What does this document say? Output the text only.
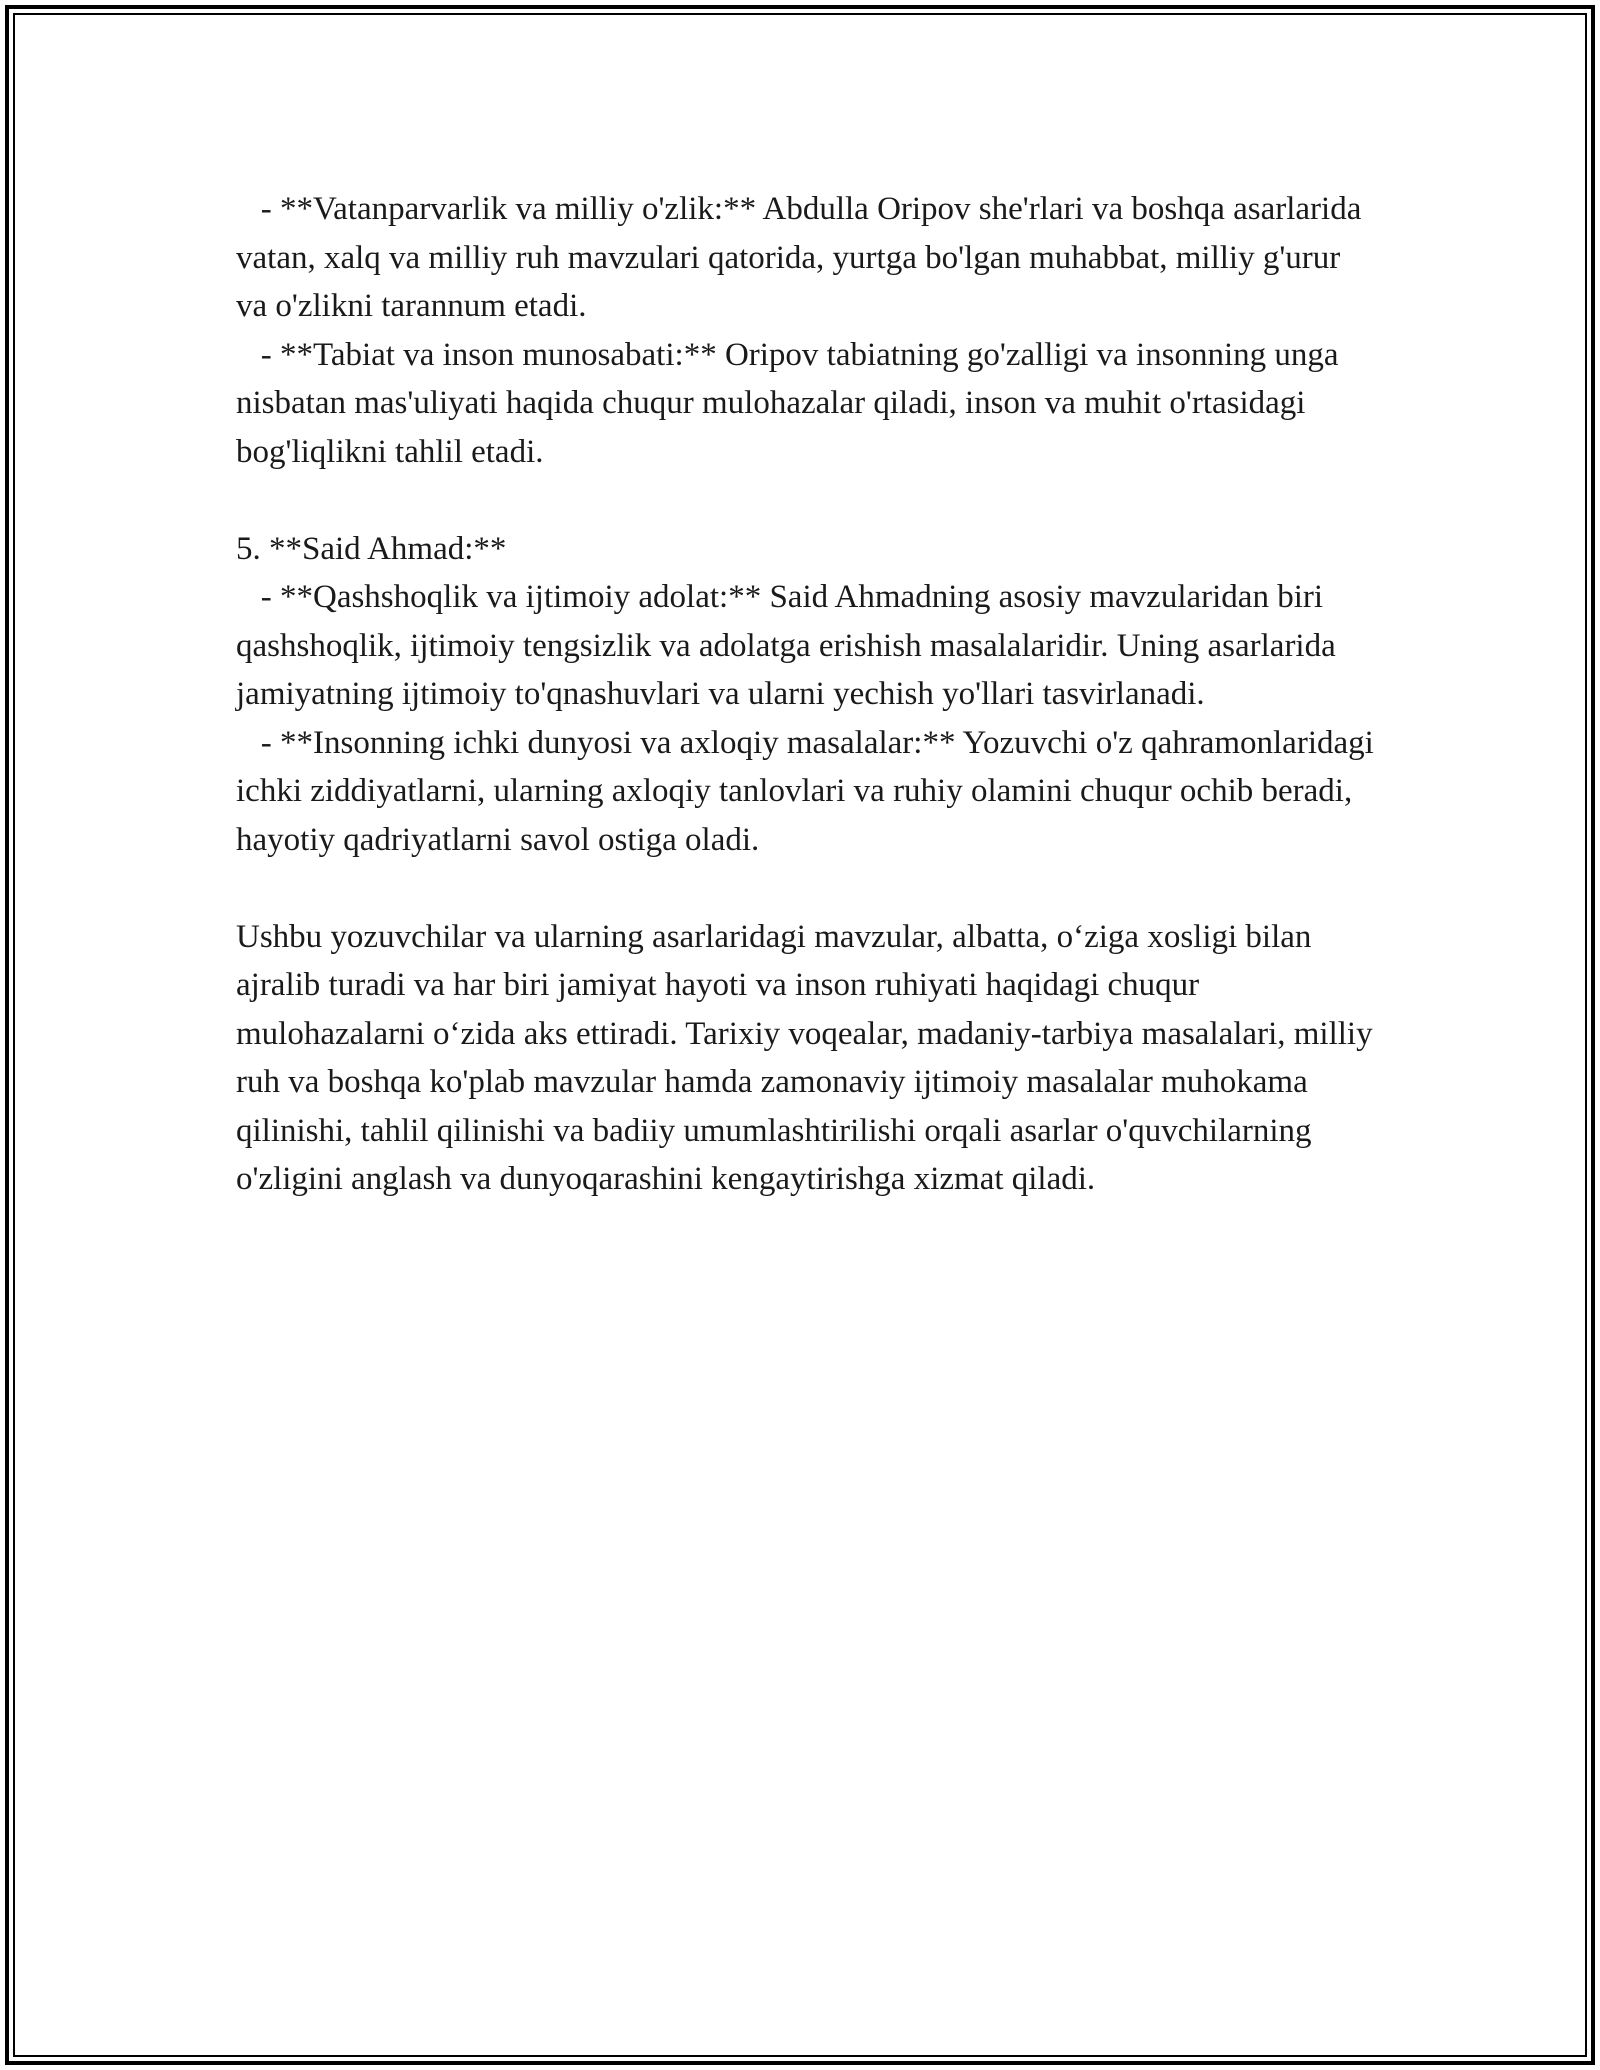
- **Vatanparvarlik va milliy o'zlik:** Abdulla Oripov she'rlari va boshqa asarlarida vatan, xalq va milliy ruh mavzulari qatorida, yurtga bo'lgan muhabbat, milliy g'urur va o'zlikni tarannum etadi.

- **Tabiat va inson munosabati:** Oripov tabiatning go'zalligi va insonning unga nisbatan mas'uliyati haqida chuqur mulohazalar qiladi, inson va muhit o'rtasidagi bog'liqlikni tahlil etadi.

5. **Said Ahmad:**

- **Qashshoqlik va ijtimoiy adolat:** Said Ahmadning asosiy mavzularidan biri qashshoqlik, ijtimoiy tengsizlik va adolatga erishish masalalaridir. Uning asarlarida jamiyatning ijtimoiy to'qnashuvlari va ularni yechish yo'llari tasvirlanadi.

- **Insonning ichki dunyosi va axloqiy masalalar:** Yozuvchi o'z qahramonlaridagi ichki ziddiyatlarni, ularning axloqiy tanlovlari va ruhiy olamini chuqur ochib beradi, hayotiy qadriyatlarni savol ostiga oladi.

Ushbu yozuvchilar va ularning asarlaridagi mavzular, albatta, o‘ziga xosligi bilan ajralib turadi va har biri jamiyat hayoti va inson ruhiyati haqidagi chuqur mulohazalarni o‘zida aks ettiradi. Tarixiy voqealar, madaniy-tarbiya masalalari, milliy ruh va boshqa ko'plab mavzular hamda zamonaviy ijtimoiy masalalar muhokama qilinishi, tahlil qilinishi va badiiy umumlashtirilishi orqali asarlar o'quvchilarning o'zligini anglash va dunyoqarashini kengaytirishga xizmat qiladi.
